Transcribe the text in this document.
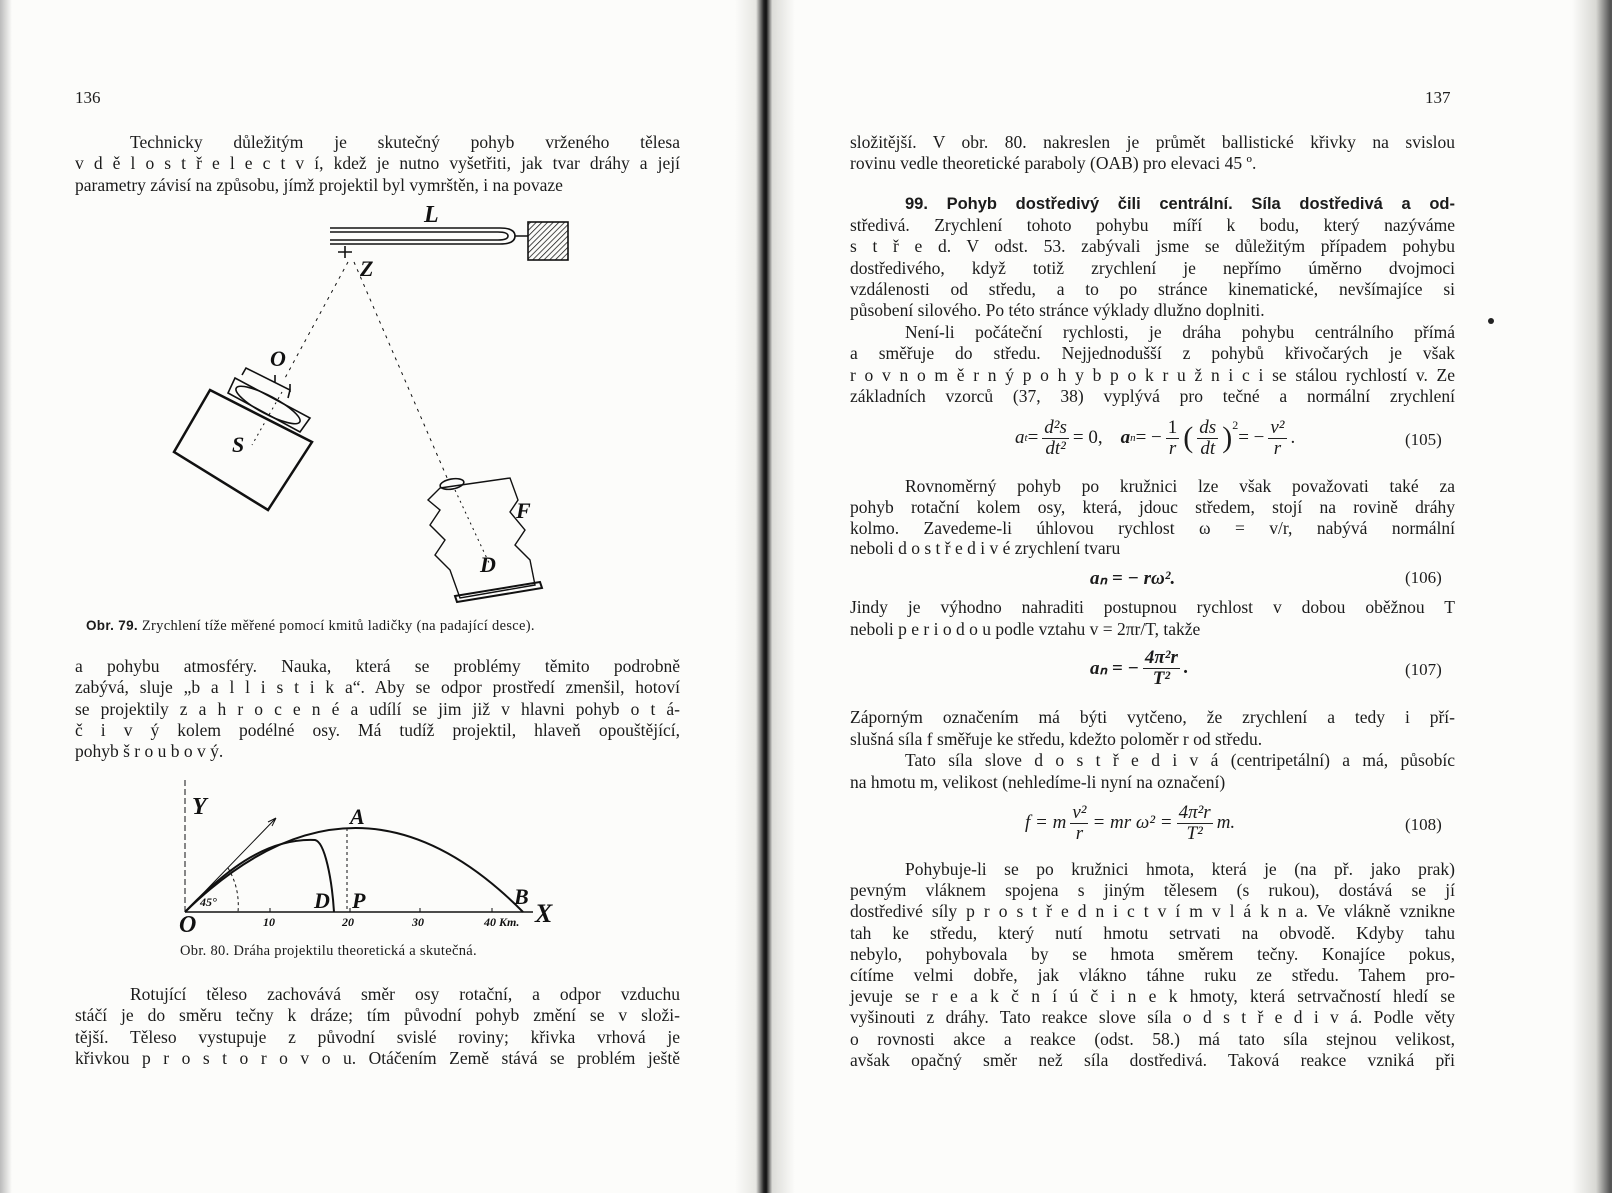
136	137
Technicky důležitým je skutečný pohyb vrženého tělesa
v d ě l o s t ř e l e c t v í, kdež je nutno vyšetřiti, jak tvar dráhy a její
parametry závisí na způsobu, jímž projektil byl vymrštěn, i na povaze
a pohybu atmosféry. Nauka, která se problémy těmito podrobně
zabývá, sluje „b a l l i s t i k a“. Aby se odpor prostředí zmenšil, hotoví
se projektily z a h r o c e n é a udílí se jim již v hlavni pohyb o t á-
č i v ý kolem podélné osy. Má tudíž projektil, hlaveň opouštějící,
pohyb š r o u b o v ý.
Rotující těleso zachovává směr osy rotační, a odpor vzduchu
stáčí je do směru tečny k dráze; tím původní pohyb změní se v složi-
tější. Těleso vystupuje z původní svislé roviny; křivka vrhová je
křivkou p r o s t o r o v o u. Otáčením Země stává se problém ještě
složitější. V obr. 80. nakreslen je průmět ballistické křivky na svislou
rovinu vedle theoretické paraboly (OAB) pro elevaci 45 º.
99. Pohyb dostředivý čili centrální. Síla dostředivá a od-
středivá. Zrychlení tohoto pohybu míří k bodu, který nazýváme
s t ř e d. V odst. 53. zabývali jsme se důležitým případem pohybu
dostředivého, když totiž zrychlení je nepřímo úměrno dvojmoci
vzdálenosti od středu, a to po stránce kinematické, nevšímajíce si
působení silového. Po této stránce výklady dlužno doplniti.
Není-li počáteční rychlosti, je dráha pohybu centrálního přímá
a směřuje do středu. Nejjednodušší z pohybů křivočarých je však
r o v n o m ě r n ý p o h y b p o k r u ž n i c i se stálou rychlostí v. Ze
základních vzorců (37, 38) vyplývá pro tečné a normální zrychlení
Rovnoměrný pohyb po kružnici lze však považovati také za
pohyb rotační kolem osy, která, jdouc středem, stojí na rovině dráhy
kolmo. Zavedeme-li úhlovou rychlost ω = v/r, nabývá normální
neboli d o s t ř e d i v é zrychlení tvaru
Jindy je výhodno nahraditi postupnou rychlost v dobou oběžnou T
neboli p e r i o d o u podle vztahu v = 2πr/T, takže
Záporným označením má býti vytčeno, že zrychlení a tedy i pří-
slušná síla f směřuje ke středu, kdežto poloměr r od středu.
Tato síla slove d o s t ř e d i v á (centripetální) a má, působíc
na hmotu m, velikost (nehledíme-li nyní na označení)
Pohybuje-li se po kružnici hmota, která je (na př. jako prak)
pevným vláknem spojena s jiným tělesem (s rukou), dostává se jí
dostředivé síly p r o s t ř e d n i c t v í m v l á k n a. Ve vlákně vznikne
tah ke středu, který nutí hmotu setrvati na obvodě. Kdyby tahu
nebylo, pohybovala by se hmota směrem tečny. Konajíce pokus,
cítíme velmi dobře, jak vlákno táhne ruku ze středu. Tahem pro-
jevuje se r e a k č n í ú č i n e k hmoty, která setrvačností hledí se
vyšinouti z dráhy. Tato reakce slove síla o d s t ř e d i v á. Podle věty
o rovnosti akce a reakce (odst. 58.) má tato síla stejnou velikost,
avšak opačný směr než síla dostředivá. Taková reakce vzniká při
L
Z
O
S
F
D
Y	A
D P	B
X
O
45°
10	20	30	40 Km.
Obr. 79. Zrychlení tíže měřené pomocí kmitů ladičky (na padající desce).
Obr. 80. Dráha projektilu theoretická a skutečná.
a $t = \frac{\text{d²s}}{\text{dt²}} = 0$, a n = − $\frac{1}{r}$ ( $\frac{ds}{dt} )^2$
= − $\frac{\text{v²}}{r}$ .	(105)
aₙ = − rω².	(106)
aₙ = − $\frac{\text{4π²r}}{\text{T²}}$ .	(107)
f = m $\frac{\text{v²}}{r}$ = mr $\omega^2 = \frac{\text{4π²r}}{\text{T²}} m$.	(108)
